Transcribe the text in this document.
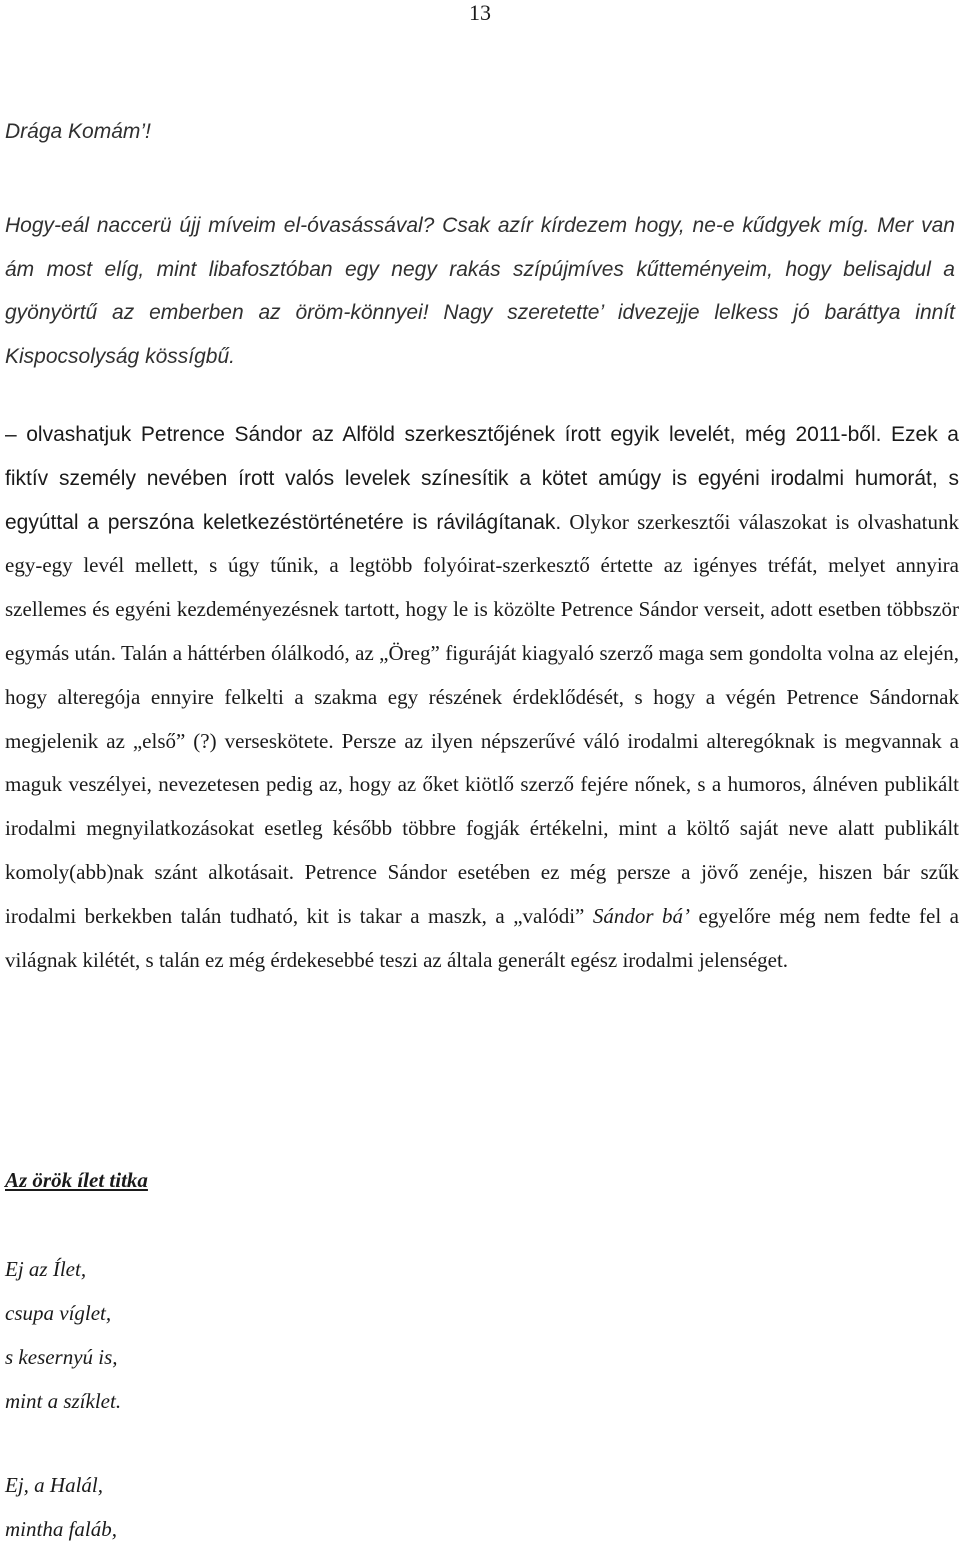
13

Drága Komám’!

Hogy-eál naccerü újj míveim el-óvasássával? Csak azír kírdezem hogy, ne-e kűdgyek míg. Mer van ám most elíg, mint libafosztóban egy negy rakás szípújmíves kűtteményeim, hogy belisajdul a gyönyörtű az emberben az öröm-könnyei! Nagy szeretette’ idvezejje lelkess jó baráttya innít Kispocsolyság kössígbű.

– olvashatjuk Petrence Sándor az Alföld szerkesztőjének írott egyik levelét, még 2011-ből. Ezek a fiktív személy nevében írott valós levelek színesítik a kötet amúgy is egyéni irodalmi humorát, s egyúttal a perszóna keletkezéstörténetére is rávilágítanak. Olykor szerkesztői válaszokat is olvashatunk egy-egy levél mellett, s úgy tűnik, a legtöbb folyóirat-szerkesztő értette az igényes tréfát, melyet annyira szellemes és egyéni kezdeményezésnek tartott, hogy le is közölte Petrence Sándor verseit, adott esetben többször egymás után. Talán a háttérben ólálkodó, az „Öreg” figuráját kiagyaló szerző maga sem gondolta volna az elején, hogy alteregója ennyire felkelti a szakma egy részének érdeklődését, s hogy a végén Petrence Sándornak megjelenik az „első” (?) verseskötete. Persze az ilyen népszerűvé váló irodalmi alteregóknak is megvannak a maguk veszélyei, nevezetesen pedig az, hogy az őket kiötlő szerző fejére nőnek, s a humoros, álnéven publikált irodalmi megnyilatkozásokat esetleg később többre fogják értékelni, mint a költő saját neve alatt publikált komoly(abb)nak szánt alkotásait. Petrence Sándor esetében ez még persze a jövő zenéje, hiszen bár szűk irodalmi berkekben talán tudható, kit is takar a maszk, a „valódi” Sándor bá’ egyelőre még nem fedte fel a világnak kilétét, s talán ez még érdekesebbé teszi az általa generált egész irodalmi jelenséget.

Az örök ílet titka

Ej az Ílet,
csupa víglet,
s kesernyú is,
mint a szíklet.

Ej, a Halál,
mintha faláb,
